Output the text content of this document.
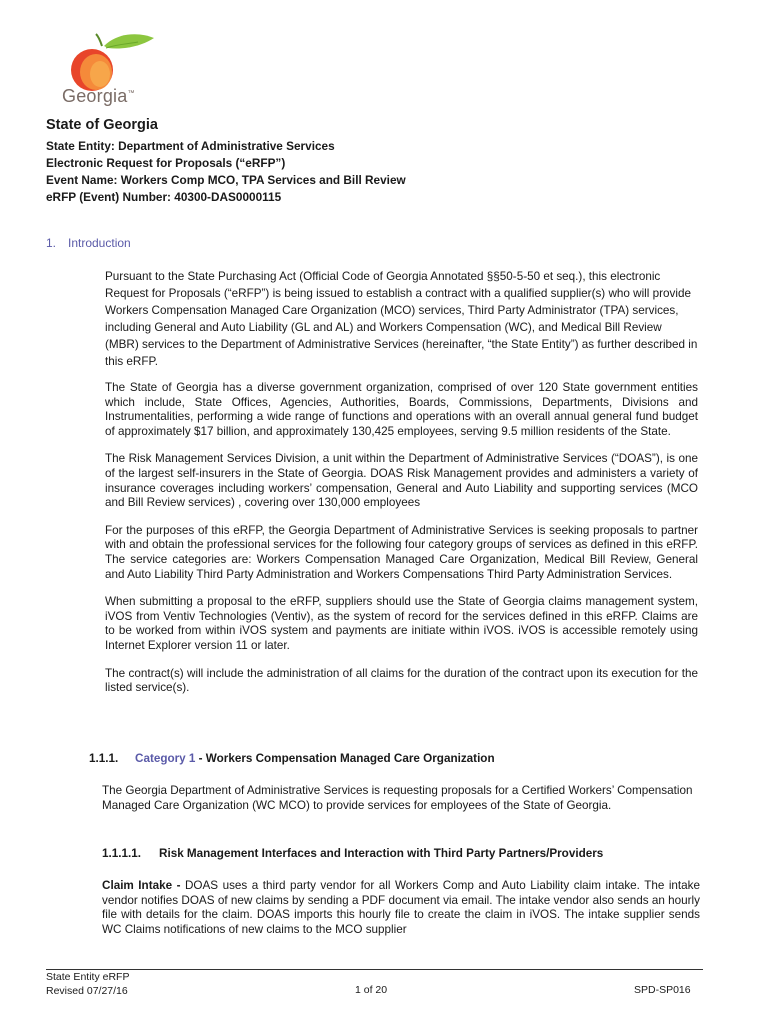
Georgia™
State of Georgia
State Entity: Department of Administrative Services
Electronic Request for Proposals (“eRFP”)
Event Name: Workers Comp MCO, TPA Services and Bill Review
eRFP (Event) Number: 40300-DAS0000115
1. Introduction

Pursuant to the State Purchasing Act (Official Code of Georgia Annotated §§50-5-50 et seq.), this electronic Request for Proposals (“eRFP”) is being issued to establish a contract with a qualified supplier(s) who will provide Workers Compensation Managed Care Organization (MCO) services, Third Party Administrator (TPA) services, including General and Auto Liability (GL and AL) and Workers Compensation (WC), and Medical Bill Review (MBR) services to the Department of Administrative Services (hereinafter, “the State Entity”) as further described in this eRFP.

The State of Georgia has a diverse government organization, comprised of over 120 State government entities which include, State Offices, Agencies, Authorities, Boards, Commissions, Departments, Divisions and Instrumentalities, performing a wide range of functions and operations with an overall annual general fund budget of approximately $17 billion, and approximately 130,425 employees, serving 9.5 million residents of the State.

The Risk Management Services Division, a unit within the Department of Administrative Services (“DOAS”), is one of the largest self-insurers in the State of Georgia. DOAS Risk Management provides and administers a variety of insurance coverages including workers’ compensation, General and Auto Liability and supporting services (MCO and Bill Review services) , covering over 130,000 employees

For the purposes of this eRFP, the Georgia Department of Administrative Services is seeking proposals to partner with and obtain the professional services for the following four category groups of services as defined in this eRFP. The service categories are: Workers Compensation Managed Care Organization, Medical Bill Review, General and Auto Liability Third Party Administration and Workers Compensations Third Party Administration Services.

When submitting a proposal to the eRFP, suppliers should use the State of Georgia claims management system, iVOS from Ventiv Technologies (Ventiv), as the system of record for the services defined in this eRFP. Claims are to be worked from within iVOS system and payments are initiate within iVOS. iVOS is accessible remotely using Internet Explorer version 11 or later.

The contract(s) will include the administration of all claims for the duration of the contract upon its execution for the listed service(s).

1.1.1. Category 1 - Workers Compensation Managed Care Organization
The Georgia Department of Administrative Services is requesting proposals for a Certified Workers’ Compensation Managed Care Organization (WC MCO) to provide services for employees of the State of Georgia.
1.1.1.1. Risk Management Interfaces and Interaction with Third Party Partners/Providers
Claim Intake - DOAS uses a third party vendor for all Workers Comp and Auto Liability claim intake. The intake vendor notifies DOAS of new claims by sending a PDF document via email. The intake vendor also sends an hourly file with details for the claim. DOAS imports this hourly file to create the claim in iVOS. The intake supplier sends WC Claims notifications of new claims to the MCO supplier
State Entity eRFP
Revised 07/27/16	1 of 20	SPD-SP016
